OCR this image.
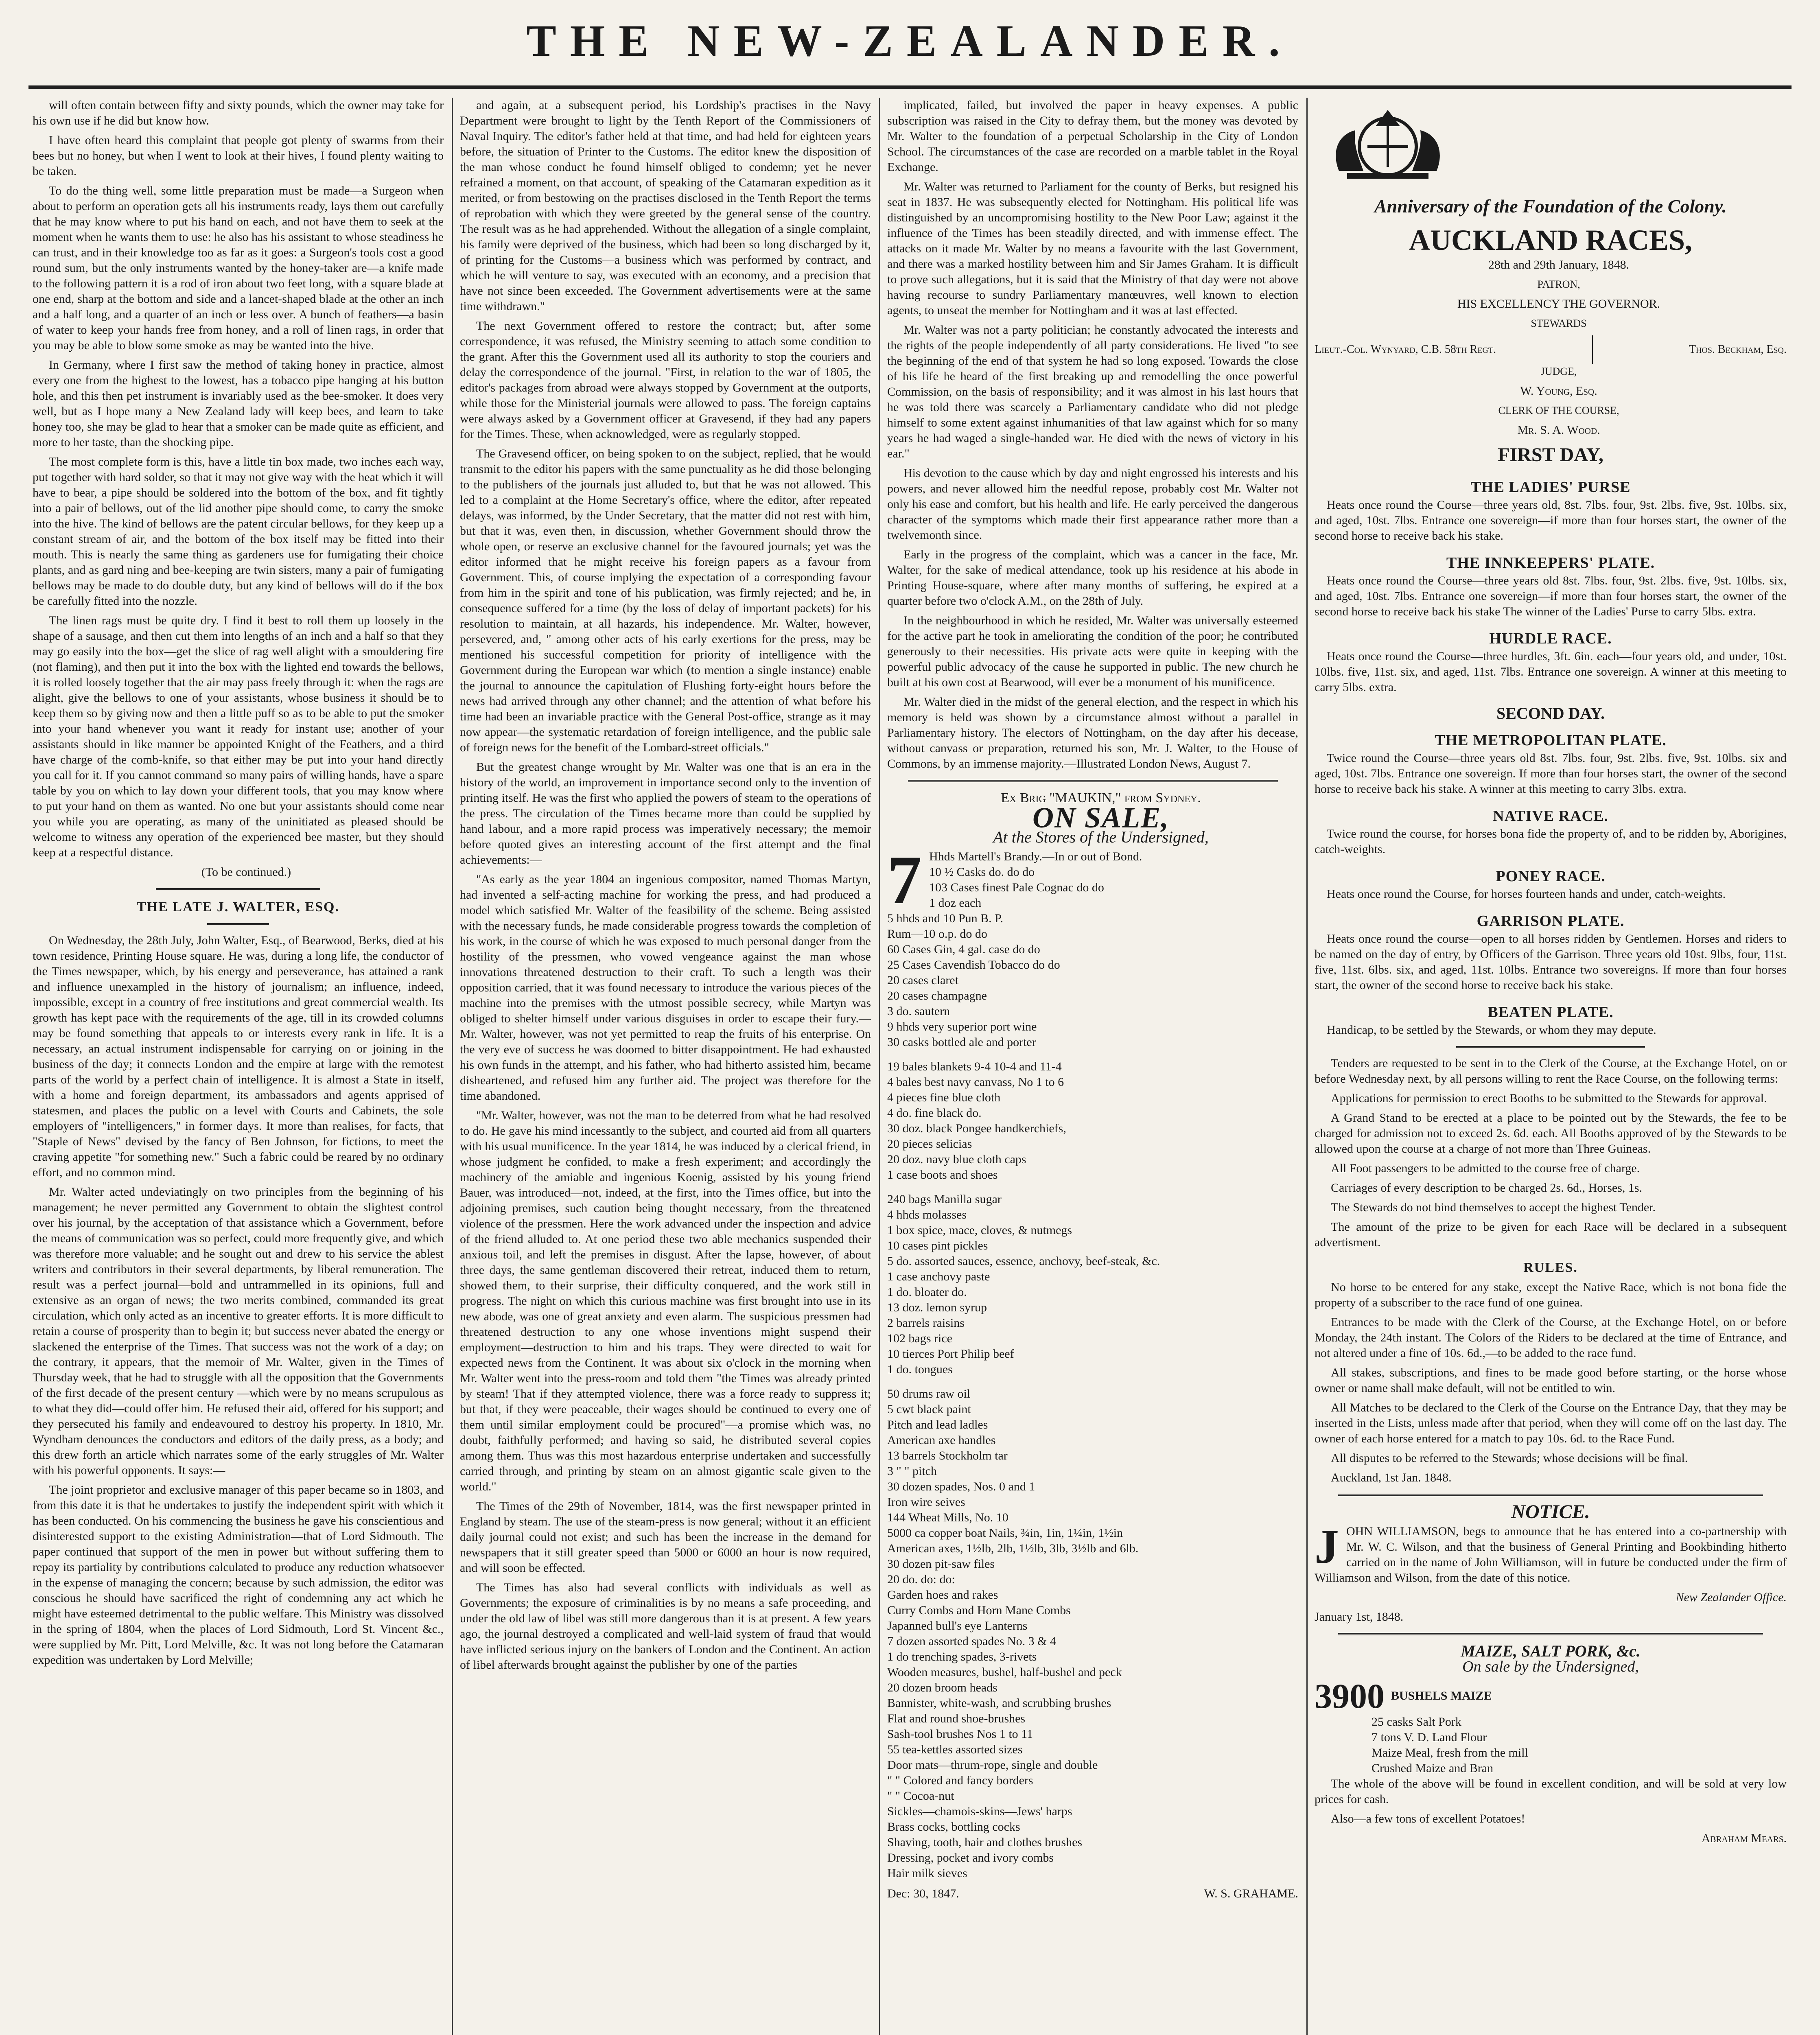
THE NEW-ZEALANDER.

will often contain between fifty and sixty pounds, which the owner may take for his own use if he did but know how.

I have often heard this complaint that people got plenty of swarms from their bees but no honey, but when I went to look at their hives, I found plenty waiting to be taken.

To do the thing well, some little preparation must be made—a Surgeon when about to perform an operation gets all his instruments ready, lays them out carefully that he may know where to put his hand on each, and not have them to seek at the moment when he wants them to use: he also has his assistant to whose steadiness he can trust, and in their knowledge too as far as it goes: a Surgeon's tools cost a good round sum, but the only instruments wanted by the honey-taker are—a knife made to the following pattern it is a rod of iron about two feet long, with a square blade at one end, sharp at the bottom and side and a lancet-shaped blade at the other an inch and a half long, and a quarter of an inch or less over. A bunch of feathers—a basin of water to keep your hands free from honey, and a roll of linen rags, in order that you may be able to blow some smoke as may be wanted into the hive.

In Germany, where I first saw the method of taking honey in practice, almost every one from the highest to the lowest, has a tobacco pipe hanging at his button hole, and this then pet instrument is invariably used as the bee-smoker. It does very well, but as I hope many a New Zealand lady will keep bees, and learn to take honey too, she may be glad to hear that a smoker can be made quite as efficient, and more to her taste, than the shocking pipe.

The most complete form is this, have a little tin box made, two inches each way, put together with hard solder, so that it may not give way with the heat which it will have to bear, a pipe should be soldered into the bottom of the box, and fit tightly into a pair of bellows, out of the lid another pipe should come, to carry the smoke into the hive. The kind of bellows are the patent circular bellows, for they keep up a constant stream of air, and the bottom of the box itself may be fitted into their mouth. This is nearly the same thing as gardeners use for fumigating their choice plants, and as gard ning and bee-keeping are twin sisters, many a pair of fumigating bellows may be made to do double duty, but any kind of bellows will do if the box be carefully fitted into the nozzle.

The linen rags must be quite dry. I find it best to roll them up loosely in the shape of a sausage, and then cut them into lengths of an inch and a half so that they may go easily into the box—get the slice of rag well alight with a smouldering fire (not flaming), and then put it into the box with the lighted end towards the bellows, it is rolled loosely together that the air may pass freely through it: when the rags are alight, give the bellows to one of your assistants, whose business it should be to keep them so by giving now and then a little puff so as to be able to put the smoker into your hand whenever you want it ready for instant use; another of your assistants should in like manner be appointed Knight of the Feathers, and a third have charge of the comb-knife, so that either may be put into your hand directly you call for it. If you cannot command so many pairs of willing hands, have a spare table by you on which to lay down your different tools, that you may know where to put your hand on them as wanted. No one but your assistants should come near you while you are operating, as many of the uninitiated as pleased should be welcome to witness any operation of the experienced bee master, but they should keep at a respectful distance.

(To be continued.)

THE LATE J. WALTER, ESQ.

On Wednesday, the 28th July, John Walter, Esq., of Bearwood, Berks, died at his town residence, Printing House square. He was, during a long life, the conductor of the Times newspaper, which, by his energy and perseverance, has attained a rank and influence unexampled in the history of journalism; an influence, indeed, impossible, except in a country of free institutions and great commercial wealth. Its growth has kept pace with the requirements of the age, till in its crowded columns may be found something that appeals to or interests every rank in life. It is a necessary, an actual instrument indispensable for carrying on or joining in the business of the day; it connects London and the empire at large with the remotest parts of the world by a perfect chain of intelligence. It is almost a State in itself, with a home and foreign department, its ambassadors and agents apprised of statesmen, and places the public on a level with Courts and Cabinets, the sole employers of "intelligencers," in former days. It more than realises, for facts, that "Staple of News" devised by the fancy of Ben Johnson, for fictions, to meet the craving appetite "for something new." Such a fabric could be reared by no ordinary effort, and no common mind.

Mr. Walter acted undeviatingly on two principles from the beginning of his management; he never permitted any Government to obtain the slightest control over his journal, by the acceptation of that assistance which a Government, before the means of communication was so perfect, could more frequently give, and which was therefore more valuable; and he sought out and drew to his service the ablest writers and contributors in their several departments, by liberal remuneration. The result was a perfect journal—bold and untrammelled in its opinions, full and extensive as an organ of news; the two merits combined, commanded its great circulation, which only acted as an incentive to greater efforts. It is more difficult to retain a course of prosperity than to begin it; but success never abated the energy or slackened the enterprise of the Times. That success was not the work of a day; on the contrary, it appears, that the memoir of Mr. Walter, given in the Times of Thursday week, that he had to struggle with all the opposition that the Governments of the first decade of the present century —which were by no means scrupulous as to what they did—could offer him. He refused their aid, offered for his support; and they persecuted his family and endeavoured to destroy his property. In 1810, Mr. Wyndham denounces the conductors and editors of the daily press, as a body; and this drew forth an article which narrates some of the early struggles of Mr. Walter with his powerful opponents. It says:—

The joint proprietor and exclusive manager of this paper became so in 1803, and from this date it is that he undertakes to justify the independent spirit with which it has been conducted. On his commencing the business he gave his conscientious and disinterested support to the existing Administration—that of Lord Sidmouth. The paper continued that support of the men in power but without suffering them to repay its partiality by contributions calculated to produce any reduction whatsoever in the expense of managing the concern; because by such admission, the editor was conscious he should have sacrificed the right of condemning any act which he might have esteemed detrimental to the public welfare. This Ministry was dissolved in the spring of 1804, when the places of Lord Sidmouth, Lord St. Vincent &c., were supplied by Mr. Pitt, Lord Melville, &c. It was not long before the Catamaran expedition was undertaken by Lord Melville;

and again, at a subsequent period, his Lordship's practises in the Navy Department were brought to light by the Tenth Report of the Commissioners of Naval Inquiry. The editor's father held at that time, and had held for eighteen years before, the situation of Printer to the Customs. The editor knew the disposition of the man whose conduct he found himself obliged to condemn; yet he never refrained a moment, on that account, of speaking of the Catamaran expedition as it merited, or from bestowing on the practises disclosed in the Tenth Report the terms of reprobation with which they were greeted by the general sense of the country. The result was as he had apprehended. Without the allegation of a single complaint, his family were deprived of the business, which had been so long discharged by it, of printing for the Customs—a business which was performed by contract, and which he will venture to say, was executed with an economy, and a precision that have not since been exceeded. The Government advertisements were at the same time withdrawn."

The next Government offered to restore the contract; but, after some correspondence, it was refused, the Ministry seeming to attach some condition to the grant. After this the Government used all its authority to stop the couriers and delay the correspondence of the journal. "First, in relation to the war of 1805, the editor's packages from abroad were always stopped by Government at the outports, while those for the Ministerial journals were allowed to pass. The foreign captains were always asked by a Government officer at Gravesend, if they had any papers for the Times. These, when acknowledged, were as regularly stopped.

The Gravesend officer, on being spoken to on the subject, replied, that he would transmit to the editor his papers with the same punctuality as he did those belonging to the publishers of the journals just alluded to, but that he was not allowed. This led to a complaint at the Home Secretary's office, where the editor, after repeated delays, was informed, by the Under Secretary, that the matter did not rest with him, but that it was, even then, in discussion, whether Government should throw the whole open, or reserve an exclusive channel for the favoured journals; yet was the editor informed that he might receive his foreign papers as a favour from Government. This, of course implying the expectation of a corresponding favour from him in the spirit and tone of his publication, was firmly rejected; and he, in consequence suffered for a time (by the loss of delay of important packets) for his resolution to maintain, at all hazards, his independence. Mr. Walter, however, persevered, and, " among other acts of his early exertions for the press, may be mentioned his successful competition for priority of intelligence with the Government during the European war which (to mention a single instance) enable the journal to announce the capitulation of Flushing forty-eight hours before the news had arrived through any other channel; and the attention of what before his time had been an invariable practice with the General Post-office, strange as it may now appear—the systematic retardation of foreign intelligence, and the public sale of foreign news for the benefit of the Lombard-street officials."

But the greatest change wrought by Mr. Walter was one that is an era in the history of the world, an improvement in importance second only to the invention of printing itself. He was the first who applied the powers of steam to the operations of the press. The circulation of the Times became more than could be supplied by hand labour, and a more rapid process was imperatively necessary; the memoir before quoted gives an interesting account of the first attempt and the final achievements:—

"As early as the year 1804 an ingenious compositor, named Thomas Martyn, had invented a self-acting machine for working the press, and had produced a model which satisfied Mr. Walter of the feasibility of the scheme. Being assisted with the necessary funds, he made considerable progress towards the completion of his work, in the course of which he was exposed to much personal danger from the hostility of the pressmen, who vowed vengeance against the man whose innovations threatened destruction to their craft. To such a length was their opposition carried, that it was found necessary to introduce the various pieces of the machine into the premises with the utmost possible secrecy, while Martyn was obliged to shelter himself under various disguises in order to escape their fury.—Mr. Walter, however, was not yet permitted to reap the fruits of his enterprise. On the very eve of success he was doomed to bitter disappointment. He had exhausted his own funds in the attempt, and his father, who had hitherto assisted him, became disheartened, and refused him any further aid. The project was therefore for the time abandoned.

"Mr. Walter, however, was not the man to be deterred from what he had resolved to do. He gave his mind incessantly to the subject, and courted aid from all quarters with his usual munificence. In the year 1814, he was induced by a clerical friend, in whose judgment he confided, to make a fresh experiment; and accordingly the machinery of the amiable and ingenious Koenig, assisted by his young friend Bauer, was introduced—not, indeed, at the first, into the Times office, but into the adjoining premises, such caution being thought necessary, from the threatened violence of the pressmen. Here the work advanced under the inspection and advice of the friend alluded to. At one period these two able mechanics suspended their anxious toil, and left the premises in disgust. After the lapse, however, of about three days, the same gentleman discovered their retreat, induced them to return, showed them, to their surprise, their difficulty conquered, and the work still in progress. The night on which this curious machine was first brought into use in its new abode, was one of great anxiety and even alarm. The suspicious pressmen had threatened destruction to any one whose inventions might suspend their employment—destruction to him and his traps. They were directed to wait for expected news from the Continent. It was about six o'clock in the morning when Mr. Walter went into the press-room and told them "the Times was already printed by steam! That if they attempted violence, there was a force ready to suppress it; but that, if they were peaceable, their wages should be continued to every one of them until similar employment could be procured"—a promise which was, no doubt, faithfully performed; and having so said, he distributed several copies among them. Thus was this most hazardous enterprise undertaken and successfully carried through, and printing by steam on an almost gigantic scale given to the world."

The Times of the 29th of November, 1814, was the first newspaper printed in England by steam. The use of the steam-press is now general; without it an efficient daily journal could not exist; and such has been the increase in the demand for newspapers that it still greater speed than 5000 or 6000 an hour is now required, and will soon be effected.

The Times has also had several conflicts with individuals as well as Governments; the exposure of criminalities is by no means a safe proceeding, and under the old law of libel was still more dangerous than it is at present. A few years ago, the journal destroyed a complicated and well-laid system of fraud that would have inflicted serious injury on the bankers of London and the Continent. An action of libel afterwards brought against the publisher by one of the parties

implicated, failed, but involved the paper in heavy expenses. A public subscription was raised in the City to defray them, but the money was devoted by Mr. Walter to the foundation of a perpetual Scholarship in the City of London School. The circumstances of the case are recorded on a marble tablet in the Royal Exchange.

Mr. Walter was returned to Parliament for the county of Berks, but resigned his seat in 1837. He was subsequently elected for Nottingham. His political life was distinguished by an uncompromising hostility to the New Poor Law; against it the influence of the Times has been steadily directed, and with immense effect. The attacks on it made Mr. Walter by no means a favourite with the last Government, and there was a marked hostility between him and Sir James Graham. It is difficult to prove such allegations, but it is said that the Ministry of that day were not above having recourse to sundry Parliamentary manœuvres, well known to election agents, to unseat the member for Nottingham and it was at last effected.

Mr. Walter was not a party politician; he constantly advocated the interests and the rights of the people independently of all party considerations. He lived "to see the beginning of the end of that system he had so long exposed. Towards the close of his life he heard of the first breaking up and remodelling the once powerful Commission, on the basis of responsibility; and it was almost in his last hours that he was told there was scarcely a Parliamentary candidate who did not pledge himself to some extent against inhumanities of that law against which for so many years he had waged a single-handed war. He died with the news of victory in his ear."

His devotion to the cause which by day and night engrossed his interests and his powers, and never allowed him the needful repose, probably cost Mr. Walter not only his ease and comfort, but his health and life. He early perceived the dangerous character of the symptoms which made their first appearance rather more than a twelvemonth since.

Early in the progress of the complaint, which was a cancer in the face, Mr. Walter, for the sake of medical attendance, took up his residence at his abode in Printing House-square, where after many months of suffering, he expired at a quarter before two o'clock A.M., on the 28th of July.

In the neighbourhood in which he resided, Mr. Walter was universally esteemed for the active part he took in ameliorating the condition of the poor; he contributed generously to their necessities. His private acts were quite in keeping with the powerful public advocacy of the cause he supported in public. The new church he built at his own cost at Bearwood, will ever be a monument of his munificence.

Mr. Walter died in the midst of the general election, and the respect in which his memory is held was shown by a circumstance almost without a parallel in Parliamentary history. The electors of Nottingham, on the day after his decease, without canvass or preparation, returned his son, Mr. J. Walter, to the House of Commons, by an immense majority.—Illustrated London News, August 7.

Ex Brig "MAUKIN," from Sydney.

ON SALE,

At the Stores of the Undersigned,

7 Hhds Martell's Brandy.—In or out of Bond.
10 ½ Casks do. do do
103 Cases finest Pale Cognac do do
1 doz each
5 hhds and 10 Pun B. P.
Rum—10 o.p. do do
60 Cases Gin, 4 gal. case do do
25 Cases Cavendish Tobacco do do
20 cases claret
20 cases champagne
3 do. sautern
9 hhds very superior port wine
30 casks bottled ale and porter
19 bales blankets 9-4 10-4 and 11-4
4 bales best navy canvass, No 1 to 6
4 pieces fine blue cloth
4 do. fine black do.
30 doz. black Pongee handkerchiefs,
20 pieces selicias
20 doz. navy blue cloth caps
1 case boots and shoes
240 bags Manilla sugar
4 hhds molasses
1 box spice, mace, cloves, & nutmegs
10 cases pint pickles
5 do. assorted sauces, essence, anchovy, beef-steak, &c.
1 case anchovy paste
1 do. bloater do.
13 doz. lemon syrup
2 barrels raisins
102 bags rice
10 tierces Port Philip beef
1 do. tongues
50 drums raw oil
5 cwt black paint
Pitch and lead ladles
American axe handles
13 barrels Stockholm tar
3 " " pitch
30 dozen spades, Nos. 0 and 1
Iron wire seives
144 Wheat Mills, No. 10
5000 ca copper boat Nails, ¾in, 1in, 1¼in, 1½in
American axes, 1½lb, 2lb, 1½lb, 3lb, 3½lb and 6lb.
30 dozen pit-saw files
20 do. do: do:
Garden hoes and rakes
Curry Combs and Horn Mane Combs
Japanned bull's eye Lanterns
7 dozen assorted spades No. 3 & 4
1 do trenching spades, 3-rivets
Wooden measures, bushel, half-bushel and peck
20 dozen broom heads
Bannister, white-wash, and scrubbing brushes
Flat and round shoe-brushes
Sash-tool brushes Nos 1 to 11
55 tea-kettles assorted sizes
Door mats—thrum-rope, single and double
" " Colored and fancy borders
" " Cocoa-nut
Sickles—chamois-skins—Jews' harps
Brass cocks, bottling cocks
Shaving, tooth, hair and clothes brushes
Dressing, pocket and ivory combs
Hair milk sieves
Dec: 30, 1847.	W. S. GRAHAME.
Anniversary of the Foundation of the Colony.
AUCKLAND RACES,

28th and 29th January, 1848.

PATRON,

HIS EXCELLENCY THE GOVERNOR.

STEWARDS

Lieut.-Col. Wynyard, C.B. 58th Regt.	Thos. Beckham, Esq.

JUDGE,

W. Young, Esq.

CLERK OF THE COURSE,

Mr. S. A. Wood.

FIRST DAY,
THE LADIES' PURSE

Heats once round the Course—three years old, 8st. 7lbs. four, 9st. 2lbs. five, 9st. 10lbs. six, and aged, 10st. 7lbs. Entrance one sovereign—if more than four horses start, the owner of the second horse to receive back his stake.

THE INNKEEPERS' PLATE.

Heats once round the Course—three years old 8st. 7lbs. four, 9st. 2lbs. five, 9st. 10lbs. six, and aged, 10st. 7lbs. Entrance one sovereign—if more than four horses start, the owner of the second horse to receive back his stake The winner of the Ladies' Purse to carry 5lbs. extra.

HURDLE RACE.

Heats once round the Course—three hurdles, 3ft. 6in. each—four years old, and under, 10st. 10lbs. five, 11st. six, and aged, 11st. 7lbs. Entrance one sovereign. A winner at this meeting to carry 5lbs. extra.

SECOND DAY.
THE METROPOLITAN PLATE.

Twice round the Course—three years old 8st. 7lbs. four, 9st. 2lbs. five, 9st. 10lbs. six and aged, 10st. 7lbs. Entrance one sovereign. If more than four horses start, the owner of the second horse to receive back his stake. A winner at this meeting to carry 3lbs. extra.

NATIVE RACE.

Twice round the course, for horses bona fide the property of, and to be ridden by, Aborigines, catch-weights.

PONEY RACE.

Heats once round the Course, for horses fourteen hands and under, catch-weights.

GARRISON PLATE.

Heats once round the course—open to all horses ridden by Gentlemen. Horses and riders to be named on the day of entry, by Officers of the Garrison. Three years old 10st. 9lbs, four, 11st. five, 11st. 6lbs. six, and aged, 11st. 10lbs. Entrance two sovereigns. If more than four horses start, the owner of the second horse to receive back his stake.

BEATEN PLATE.

Handicap, to be settled by the Stewards, or whom they may depute.

Tenders are requested to be sent in to the Clerk of the Course, at the Exchange Hotel, on or before Wednesday next, by all persons willing to rent the Race Course, on the following terms:

Applications for permission to erect Booths to be submitted to the Stewards for approval.

A Grand Stand to be erected at a place to be pointed out by the Stewards, the fee to be charged for admission not to exceed 2s. 6d. each. All Booths approved of by the Stewards to be allowed upon the course at a charge of not more than Three Guineas.

All Foot passengers to be admitted to the course free of charge.

Carriages of every description to be charged 2s. 6d., Horses, 1s.

The Stewards do not bind themselves to accept the highest Tender.

The amount of the prize to be given for each Race will be declared in a subsequent advertisment.

RULES.

No horse to be entered for any stake, except the Native Race, which is not bona fide the property of a subscriber to the race fund of one guinea.

Entrances to be made with the Clerk of the Course, at the Exchange Hotel, on or before Monday, the 24th instant. The Colors of the Riders to be declared at the time of Entrance, and not altered under a fine of 10s. 6d.,—to be added to the race fund.

All stakes, subscriptions, and fines to be made good before starting, or the horse whose owner or name shall make default, will not be entitled to win.

All Matches to be declared to the Clerk of the Course on the Entrance Day, that they may be inserted in the Lists, unless made after that period, when they will come off on the last day. The owner of each horse entered for a match to pay 10s. 6d. to the Race Fund.

All disputes to be referred to the Stewards; whose decisions will be final.

Auckland, 1st Jan. 1848.

NOTICE.
J OHN WILLIAMSON, begs to announce that he has entered into a co-partnership with Mr. W. C. Wilson, and that the business of General Printing and Bookbinding hitherto carried on in the name of John Williamson, will in future be conducted under the firm of Williamson and Wilson, from the date of this notice.

New Zealander Office.

January 1st, 1848.

MAIZE, SALT PORK, &c.
On sale by the Undersigned,
3900 BUSHELS MAIZE
25 casks Salt Pork
7 tons V. D. Land Flour
Maize Meal, fresh from the mill
Crushed Maize and Bran

The whole of the above will be found in excellent condition, and will be sold at very low prices for cash.

Also—a few tons of excellent Potatoes!

Abraham Mears.
